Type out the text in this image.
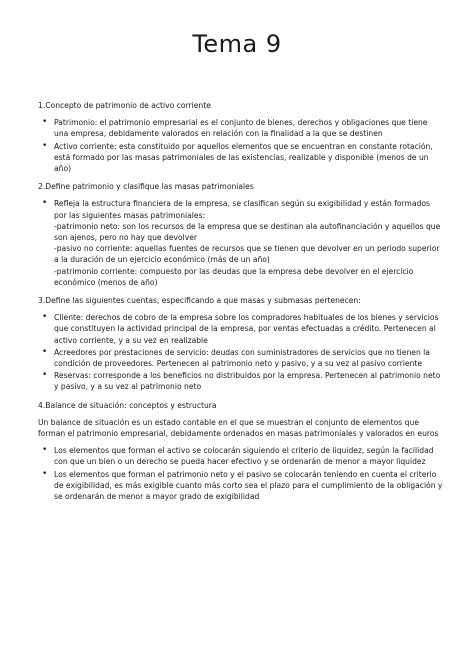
Tema 9

1.Concepto de patrimonio de activo corriente

• Patrimonio: el patrimonio empresarial es el conjunto de bienes, derechos y obligaciones que tiene una empresa, debidamente valorados en relación con la finalidad a la que se destinen
• Activo corriente: esta constituido por aquellos elementos que se encuentran en constante rotación, está formado por las masas patrimoniales de las existencias, realizable y disponible (menos de un año)

2.Define patrimonio y clasifique las masas patrimoniales

• Refleja la estructura financiera de la empresa, se clasifican según su exigibilidad y están formados por las siguientes masas patrimoniales:
-patrimonio neto: son los recursos de la empresa que se destinan ala autofinanciación y aquellos que son ajenos, pero no hay que devolver
-pasivo no corriente: aquellas fuentes de recursos que se tienen que devolver en un periodo superior a la duración de un ejercicio económico (más de un año)
-patrimonio corriente: compuesto por las deudas que la empresa debe devolver en el ejercicio económico (menos de año)

3.Define las siguientes cuentas, especificando a que masas y submasas pertenecen:

• Cliente: derechos de cobro de la empresa sobre los compradores habituales de los bienes y servicios que constituyen la actividad principal de la empresa, por ventas efectuadas a crédito. Pertenecen al activo corriente, y a su vez en realizable
• Acreedores por prestaciones de servicio: deudas con suministradores de servicios que no tienen la condición de proveedores. Pertenecen al patrimonio neto y pasivo, y a su vez al pasivo corriente
• Reservas: corresponde a los beneficios no distribuidos por la empresa. Pertenecen al patrimonio neto y pasivo, y a su vez al patrimonio neto

4.Balance de situación: conceptos y estructura

Un balance de situación es un estado contable en el que se muestran el conjunto de elementos que forman el patrimonio empresarial, debidamente ordenados en masas patrimoniales y valorados en euros

• Los elementos que forman el activo se colocarán siguiendo el criterio de liquidez, según la facilidad con que un bien o un derecho se pueda hacer efectivo y se ordenarán de menor a mayor liquidez
• Los elementos que forman el patrimonio neto y el pasivo se colocarán teniendo en cuenta el criterio de exigibilidad, es más exigible cuanto más corto sea el plazo para el cumplimiento de la obligación y se ordenarán de menor a mayor grado de exigibilidad
